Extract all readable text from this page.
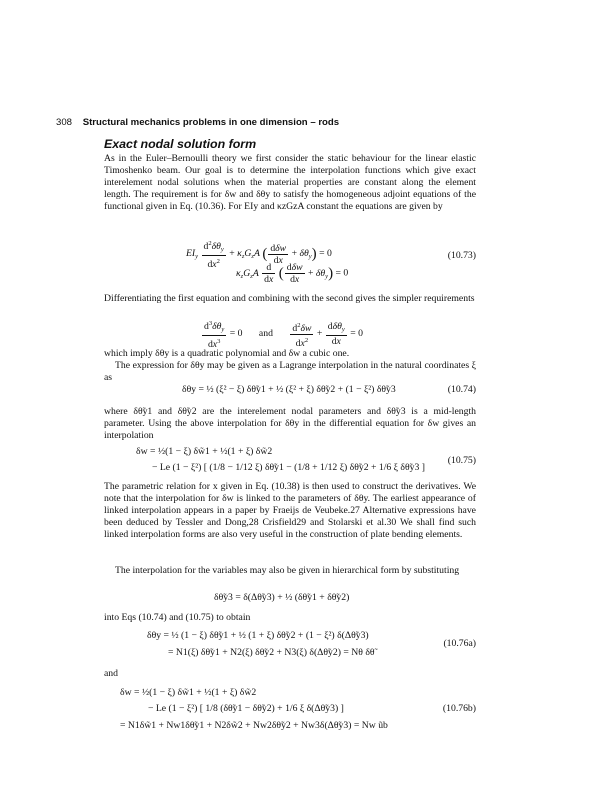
308 Structural mechanics problems in one dimension – rods
Exact nodal solution form

As in the Euler–Bernoulli theory we first consider the static behaviour for the linear elastic Timoshenko beam. Our goal is to determine the interpolation functions which give exact interelement nodal solutions when the material properties are constant along the element length. The requirement is for δw and δθy to satisfy the homogeneous adjoint equations of the functional given in Eq. (10.36). For EIy and κzGzA constant the equations are given by

$EI_y \frac{d^2\delta\theta_y}{dx^2} + \kappa_zG_zA$ ( $\frac{\text{dδw}}{dx} + \delta\theta_y) = 0$
$\kappa_zG_zA \frac{d}{dx}$ ( $\frac{\text{dδw}}{dx} + \delta\theta_y) = 0$
(10.73)

Differentiating the first equation and combining with the second gives the simpler requirements

$\frac{d^3\delta\theta_y}{dx^3} = 0$ and $\frac{d^2\delta w}{dx^2} + \frac{d\delta\theta_y}{dx} = 0$

which imply δθy is a quadratic polynomial and δw a cubic one.

The expression for δθy may be given as a Lagrange interpolation in the natural coordinates ξ as

δθy = ½ (ξ² − ξ) δθ̃y1 + ½ (ξ² + ξ) δθ̃y2 + (1 − ξ²) δθ̃y3	(10.74)

where δθ̃y1 and δθ̃y2 are the interelement nodal parameters and δθ̃y3 is a mid-length parameter. Using the above interpolation for δθy in the differential equation for δw gives an interpolation

δw = ½(1 − ξ) δw̃1 + ½(1 + ξ) δw̃2
− Le (1 − ξ²) [ (1/8 − 1/12 ξ) δθ̃y1 − (1/8 + 1/12 ξ) δθ̃y2 + 1/6 ξ δθ̃y3 ]
(10.75)

The parametric relation for x given in Eq. (10.38) is then used to construct the derivatives. We note that the interpolation for δw is linked to the parameters of δθy. The earliest appearance of linked interpolation appears in a paper by Fraeijs de Veubeke.27 Alternative expressions have been deduced by Tessler and Dong,28 Crisfield29 and Stolarski et al.30 We shall find such linked interpolation forms are also very useful in the construction of plate bending elements.

The interpolation for the variables may also be given in hierarchical form by substituting

δθ̃y3 = δ(Δθ̃y3) + ½ (δθ̃y1 + δθ̃y2)

into Eqs (10.74) and (10.75) to obtain

δθy = ½ (1 − ξ) δθ̃y1 + ½ (1 + ξ) δθ̃y2 + (1 − ξ²) δ(Δθ̃y3)
= N1(ξ) δθ̃y1 + N2(ξ) δθ̃y2 + N3(ξ) δ(Δθ̃y2) = Nθ δθ̃
(10.76a)

and

δw = ½(1 − ξ) δw̃1 + ½(1 + ξ) δw̃2
− Le (1 − ξ²) [ 1/8 (δθ̃y1 − δθ̃y2) + 1/6 ξ δ(Δθ̃y3) ]
= N1δw̃1 + Nw1δθ̃y1 + N2δw̃2 + Nw2δθ̃y2 + Nw3δ(Δθ̃y3) = Nw ũb
(10.76b)
